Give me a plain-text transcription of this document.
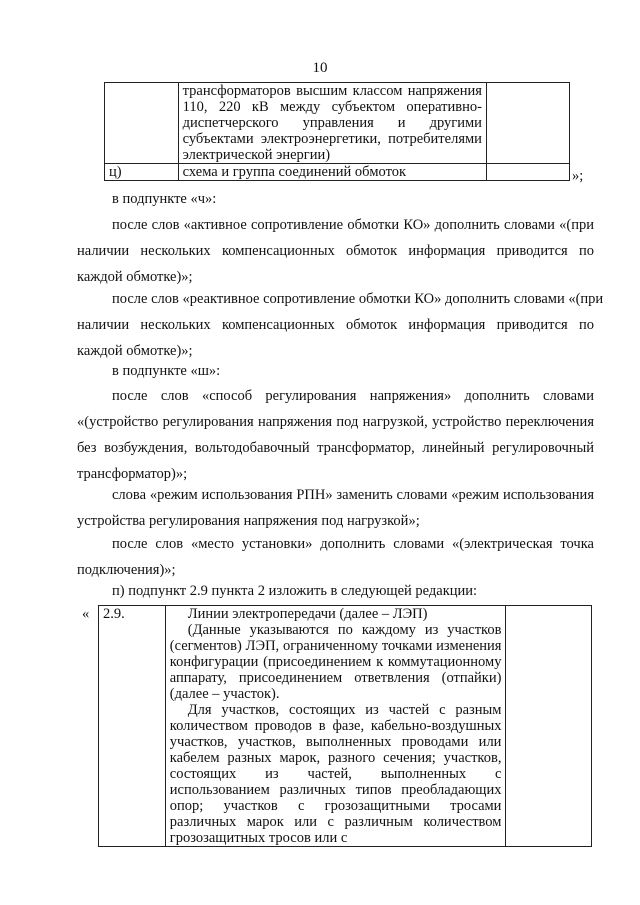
10
	трансформаторов высшим классом напряжения 110, 220 кВ между субъектом оперативно-диспетчерского управления и другими субъектами электроэнергетики, потребителями электрической энергии)	
ц)	схема и группа соединений обмоток		»;
в подпункте «ч»:
после слов «активное сопротивление обмотки КО» дополнить словами «(при
наличии нескольких компенсационных обмоток информация приводится по каждой обмотке)»;
после слов «реактивное сопротивление обмотки КО» дополнить словами «(при
наличии нескольких компенсационных обмоток информация приводится по каждой обмотке)»;
в подпункте «ш»:
после слов «способ регулирования напряжения» дополнить словами
«(устройство регулирования напряжения под нагрузкой, устройство переключения без возбуждения, вольтодобавочный трансформатор, линейный регулировочный трансформатор)»;
слова «режим использования РПН» заменить словами «режим использования
устройства регулирования напряжения под нагрузкой»;
после слов «место установки» дополнить словами «(электрическая точка
подключения)»;
п) подпункт 2.9 пункта 2 изложить в следующей редакции:
« 2.9.	Линии электропередачи (далее – ЛЭП)
(Данные указываются по каждому из участков (сегментов) ЛЭП, ограниченному точками изменения конфигурации (присоединением к коммутационному аппарату, присоединением ответвления (отпайки) (далее – участок).
Для участков, состоящих из частей с разным количеством проводов в фазе, кабельно-воздушных участков, участков, выполненных проводами или кабелем разных марок, разного сечения; участков, состоящих из частей, выполненных с использованием различных типов преобладающих опор; участков с грозозащитными тросами различных марок или с различным количеством грозозащитных тросов или с
